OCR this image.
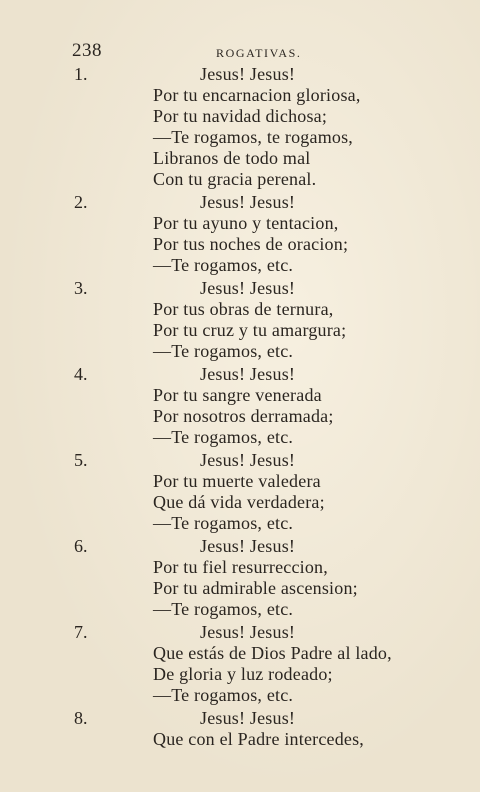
238	ROGATIVAS.
1.	Jesus! Jesus!
Por tu encarnacion gloriosa,
Por tu navidad dichosa;
—Te rogamos, te rogamos,
Libranos de todo mal
Con tu gracia perenal.
2.	Jesus! Jesus!
Por tu ayuno y tentacion,
Por tus noches de oracion;
—Te rogamos, etc.
3.	Jesus! Jesus!
Por tus obras de ternura,
Por tu cruz y tu amargura;
—Te rogamos, etc.
4.	Jesus! Jesus!
Por tu sangre venerada
Por nosotros derramada;
—Te rogamos, etc.
5.	Jesus! Jesus!
Por tu muerte valedera
Que dá vida verdadera;
—Te rogamos, etc.
6.	Jesus! Jesus!
Por tu fiel resurreccion,
Por tu admirable ascension;
—Te rogamos, etc.
7.	Jesus! Jesus!
Que estás de Dios Padre al lado,
De gloria y luz rodeado;
—Te rogamos, etc.
8.	Jesus! Jesus!
Que con el Padre intercedes,
